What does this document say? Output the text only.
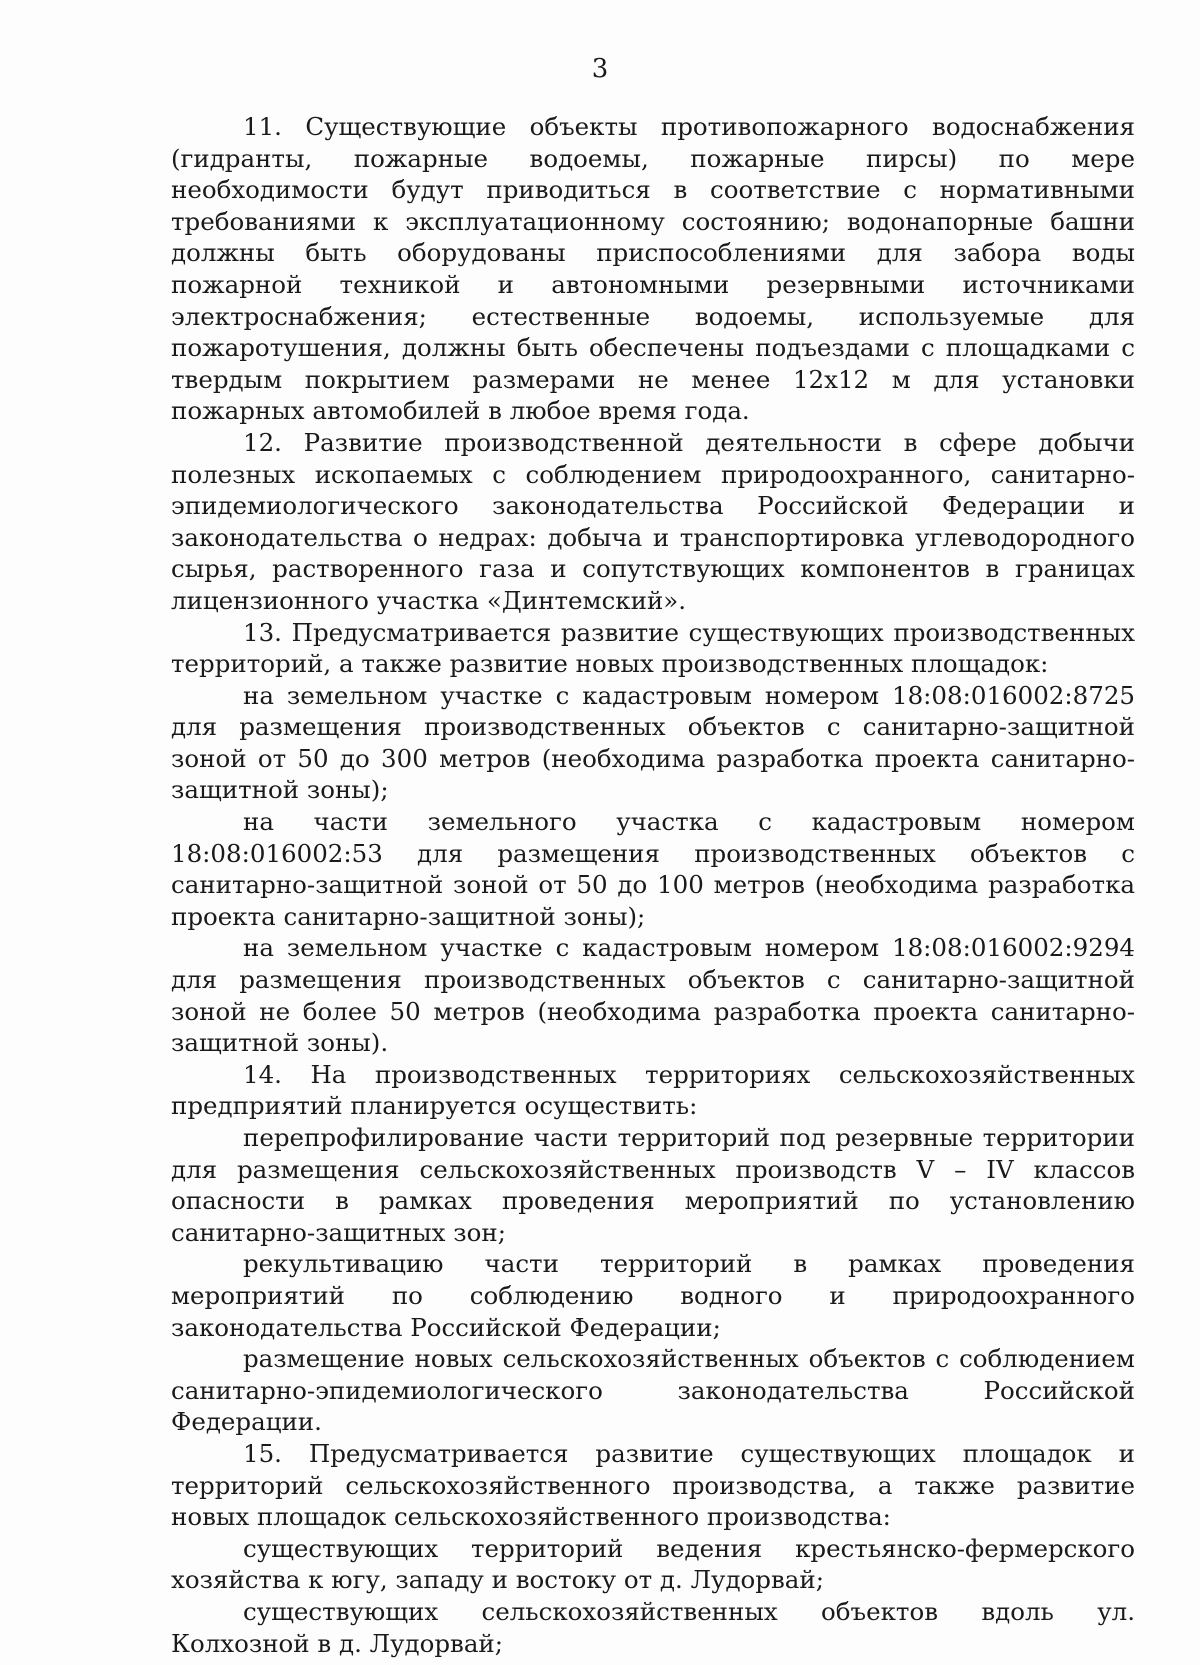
3

11. Существующие объекты противопожарного водоснабжения (гидранты, пожарные водоемы, пожарные пирсы) по мере необходимости будут приводиться в соответствие с нормативными требованиями к эксплуатационному состоянию; водонапорные башни должны быть оборудованы приспособлениями для забора воды пожарной техникой и автономными резервными источниками электроснабжения; естественные водоемы, используемые для пожаротушения, должны быть обеспечены подъездами с площадками с твердым покрытием размерами не менее 12х12 м для установки пожарных автомобилей в любое время года.

12. Развитие производственной деятельности в сфере добычи полезных ископаемых с соблюдением природоохранного, санитарно-эпидемиологического законодательства Российской Федерации и законодательства о недрах: добыча и транспортировка углеводородного сырья, растворенного газа и сопутствующих компонентов в границах лицензионного участка «Динтемский».

13. Предусматривается развитие существующих производственных территорий, а также развитие новых производственных площадок:

на земельном участке с кадастровым номером 18:08:016002:8725 для размещения производственных объектов с санитарно-защитной зоной от 50 до 300 метров (необходима разработка проекта санитарно-защитной зоны);

на части земельного участка с кадастровым номером 18:08:016002:53 для размещения производственных объектов с санитарно-защитной зоной от 50 до 100 метров (необходима разработка проекта санитарно-защитной зоны);

на земельном участке с кадастровым номером 18:08:016002:9294 для размещения производственных объектов с санитарно-защитной зоной не более 50 метров (необходима разработка проекта санитарно-защитной зоны).

14. На производственных территориях сельскохозяйственных предприятий планируется осуществить:

перепрофилирование части территорий под резервные территории для размещения сельскохозяйственных производств V – IV классов опасности в рамках проведения мероприятий по установлению санитарно-защитных зон;

рекультивацию части территорий в рамках проведения мероприятий по соблюдению водного и природоохранного законодательства Российской Федерации;

размещение новых сельскохозяйственных объектов с соблюдением санитарно-эпидемиологического законодательства Российской Федерации.

15. Предусматривается развитие существующих площадок и территорий сельскохозяйственного производства, а также развитие новых площадок сельскохозяйственного производства:

существующих территорий ведения крестьянско-фермерского хозяйства к югу, западу и востоку от д. Лудорвай;

существующих сельскохозяйственных объектов вдоль ул. Колхозной в д. Лудорвай;
